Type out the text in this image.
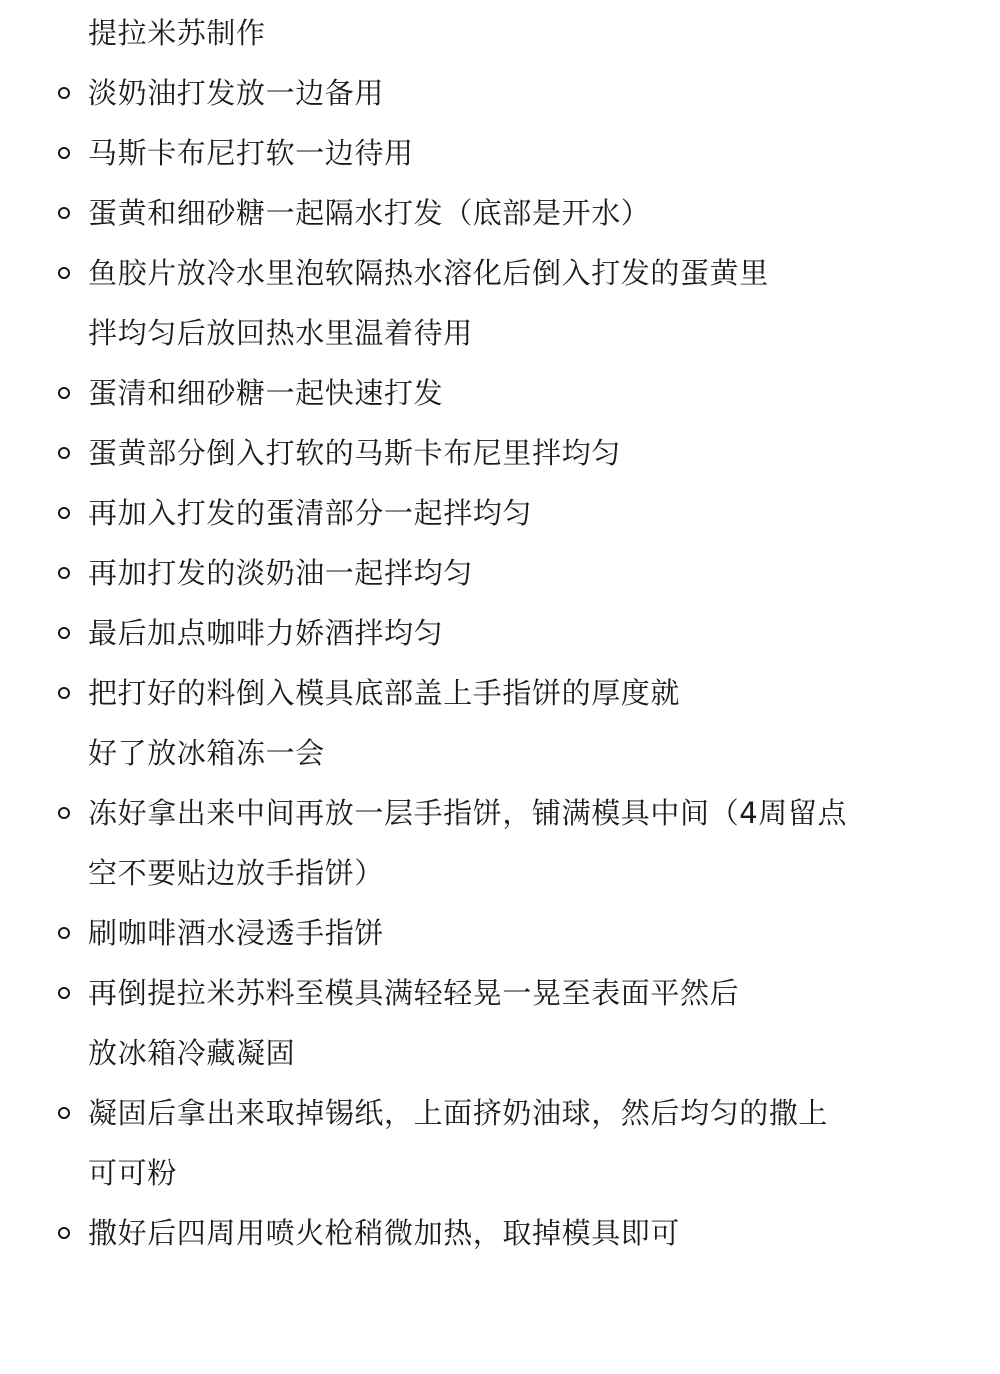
提拉米苏制作
淡奶油打发放一边备用
马斯卡布尼打软一边待用
蛋黄和细砂糖一起隔水打发（底部是开水）
鱼胶片放冷水里泡软隔热水溶化后倒入打发的蛋黄里
拌均匀后放回热水里温着待用
蛋清和细砂糖一起快速打发
蛋黄部分倒入打软的马斯卡布尼里拌均匀
再加入打发的蛋清部分一起拌均匀
再加打发的淡奶油一起拌均匀
最后加点咖啡力娇酒拌均匀
把打好的料倒入模具底部盖上手指饼的厚度就
好了放冰箱冻一会
冻好拿出来中间再放一层手指饼，铺满模具中间（4周留点
空不要贴边放手指饼）
刷咖啡酒水浸透手指饼
再倒提拉米苏料至模具满轻轻晃一晃至表面平然后
放冰箱冷藏凝固
凝固后拿出来取掉锡纸，上面挤奶油球，然后均匀的撒上
可可粉
撒好后四周用喷火枪稍微加热，取掉模具即可
